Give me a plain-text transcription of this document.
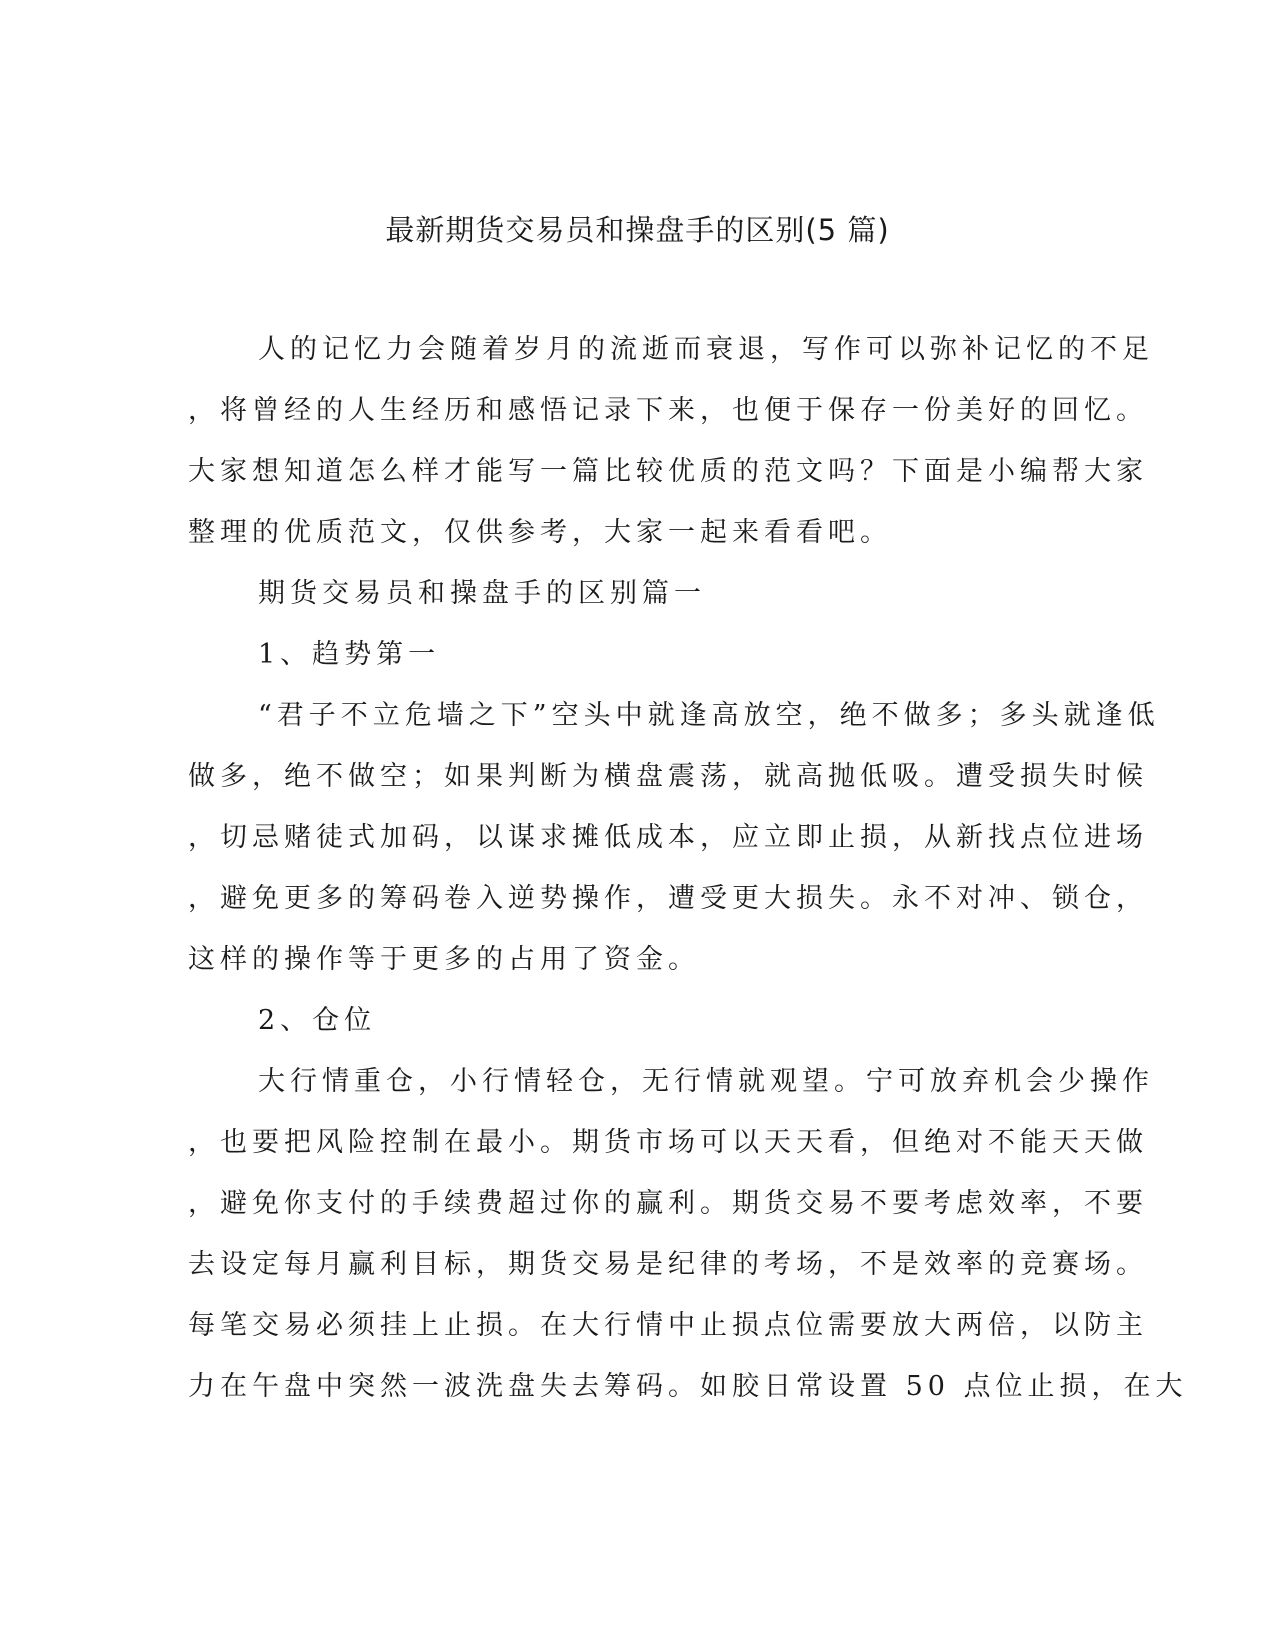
最新期货交易员和操盘手的区别(5 篇)
人的记忆力会随着岁月的流逝而衰退，写作可以弥补记忆的不足
，将曾经的人生经历和感悟记录下来，也便于保存一份美好的回忆。
大家想知道怎么样才能写一篇比较优质的范文吗？下面是小编帮大家
整理的优质范文，仅供参考，大家一起来看看吧。
期货交易员和操盘手的区别篇一
1、趋势第一
“君子不立危墙之下”空头中就逢高放空，绝不做多；多头就逢低
做多，绝不做空；如果判断为横盘震荡，就高抛低吸。遭受损失时候
，切忌赌徒式加码，以谋求摊低成本，应立即止损，从新找点位进场
，避免更多的筹码卷入逆势操作，遭受更大损失。永不对冲、锁仓，
这样的操作等于更多的占用了资金。
2、仓位
大行情重仓，小行情轻仓，无行情就观望。宁可放弃机会少操作
，也要把风险控制在最小。期货市场可以天天看，但绝对不能天天做
，避免你支付的手续费超过你的赢利。期货交易不要考虑效率，不要
去设定每月赢利目标，期货交易是纪律的考场，不是效率的竞赛场。
每笔交易必须挂上止损。在大行情中止损点位需要放大两倍，以防主
力在午盘中突然一波洗盘失去筹码。如胶日常设置 50 点位止损，在大
